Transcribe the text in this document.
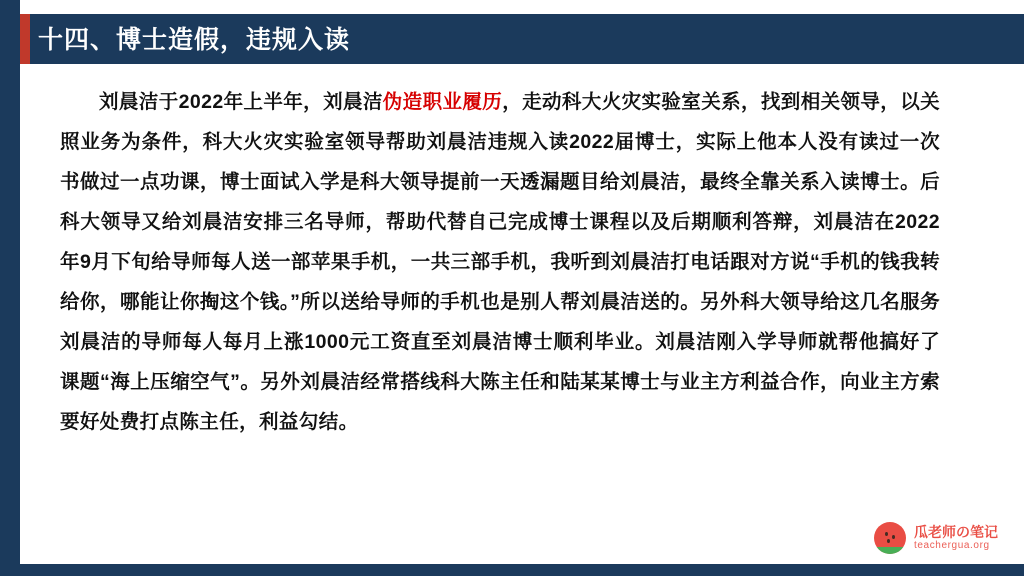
十四、博士造假，违规入读

刘晨洁于2022年上半年，刘晨洁伪造职业履历，走动科大火灾实验室关系，找到相关领导，以关照业务为条件，科大火灾实验室领导帮助刘晨洁违规入读2022届博士，实际上他本人没有读过一次书做过一点功课，博士面试入学是科大领导提前一天透漏题目给刘晨洁，最终全靠关系入读博士。后科大领导又给刘晨洁安排三名导师，帮助代替自己完成博士课程以及后期顺利答辩，刘晨洁在2022年9月下旬给导师每人送一部苹果手机，一共三部手机，我听到刘晨洁打电话跟对方说“手机的钱我转给你，哪能让你掏这个钱。”所以送给导师的手机也是别人帮刘晨洁送的。另外科大领导给这几名服务刘晨洁的导师每人每月上涨1000元工资直至刘晨洁博士顺利毕业。刘晨洁刚入学导师就帮他搞好了课题“海上压缩空气”。另外刘晨洁经常搭线科大陈主任和陆某某博士与业主方利益合作，向业主方索要好处费打点陈主任，利益勾结。

瓜老师の笔记
teachergua.org
